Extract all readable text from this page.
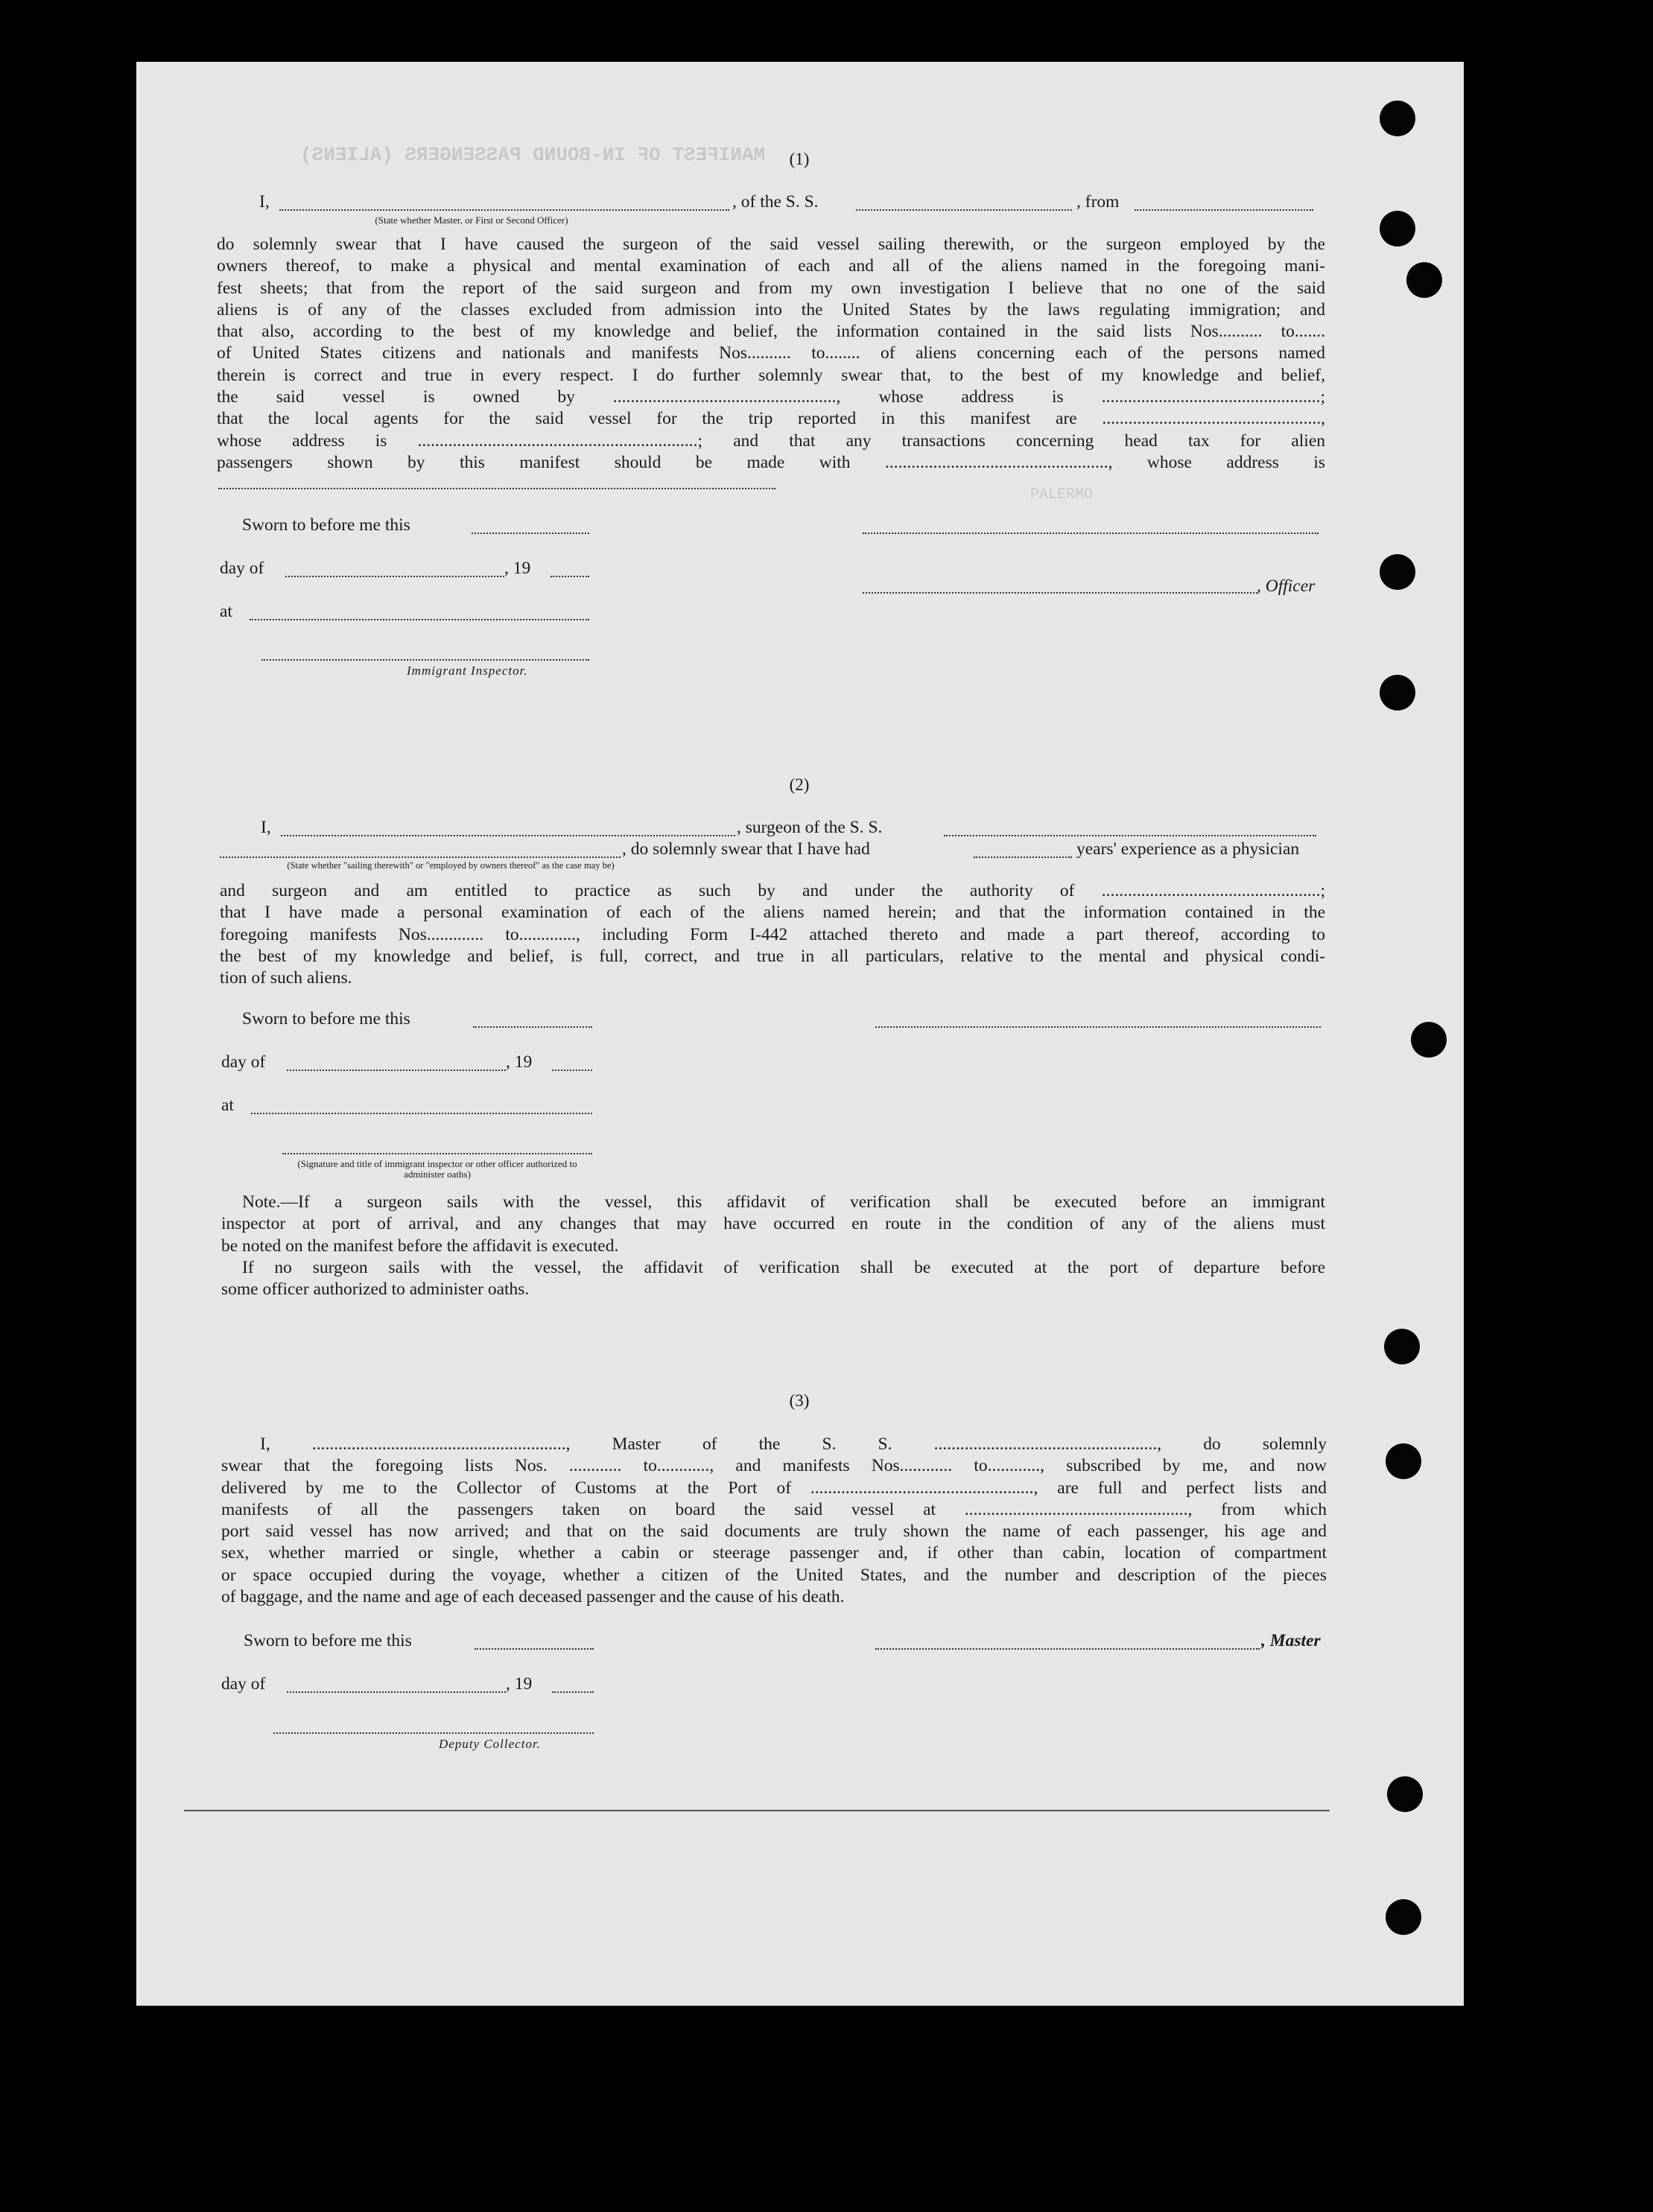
MANIFEST OF IN-BOUND PASSENGERS (ALIENS)
PALERMO
(1)
I,	, of the S. S.	, from
(State whether Master, or First or Second Officer)
do solemnly swear that I have caused the surgeon of the said vessel sailing therewith, or the surgeon employed by the
owners thereof, to make a physical and mental examination of each and all of the aliens named in the foregoing mani-
fest sheets; that from the report of the said surgeon and from my own investigation I believe that no one of the said
aliens is of any of the classes excluded from admission into the United States by the laws regulating immigration; and
that also, according to the best of my knowledge and belief, the information contained in the said lists Nos.......... to.......
of United States citizens and nationals and manifests Nos.......... to........ of aliens concerning each of the persons named
therein is correct and true in every respect. I do further solemnly swear that, to the best of my knowledge and belief,
the said vessel is owned by ..................................................., whose address is ..................................................;
that the local agents for the said vessel for the trip reported in this manifest are ..................................................,
whose address is ................................................................; and that any transactions concerning head tax for alien
passengers shown by this manifest should be made with ..................................................., whose address is
Sworn to before me this
day of	, 19
, Officer
at
Immigrant Inspector.
(2)
I,	, surgeon of the S. S.
, do solemnly swear that I have had	years' experience as a physician
(State whether "sailing therewith" or "employed by owners thereof" as the case may be)
and surgeon and am entitled to practice as such by and under the authority of ..................................................;
that I have made a personal examination of each of the aliens named herein; and that the information contained in the
foregoing manifests Nos............. to............., including Form I-442 attached thereto and made a part thereof, according to
the best of my knowledge and belief, is full, correct, and true in all particulars, relative to the mental and physical condi-
tion of such aliens.
Sworn to before me this
day of	, 19
at
(Signature and title of immigrant inspector or other officer authorized to administer oaths)
Note.—If a surgeon sails with the vessel, this affidavit of verification shall be executed before an immigrant
inspector at port of arrival, and any changes that may have occurred en route in the condition of any of the aliens must
be noted on the manifest before the affidavit is executed.
If no surgeon sails with the vessel, the affidavit of verification shall be executed at the port of departure before
some officer authorized to administer oaths.
(3)
I, .........................................................., Master of the S. S. ..................................................., do solemnly
swear that the foregoing lists Nos. ............ to............, and manifests Nos............ to............, subscribed by me, and now
delivered by me to the Collector of Customs at the Port of ..................................................., are full and perfect lists and
manifests of all the passengers taken on board the said vessel at ..................................................., from which
port said vessel has now arrived; and that on the said documents are truly shown the name of each passenger, his age and
sex, whether married or single, whether a cabin or steerage passenger and, if other than cabin, location of compartment
or space occupied during the voyage, whether a citizen of the United States, and the number and description of the pieces
of baggage, and the name and age of each deceased passenger and the cause of his death.
Sworn to before me this	, Master
day of	, 19
Deputy Collector.
